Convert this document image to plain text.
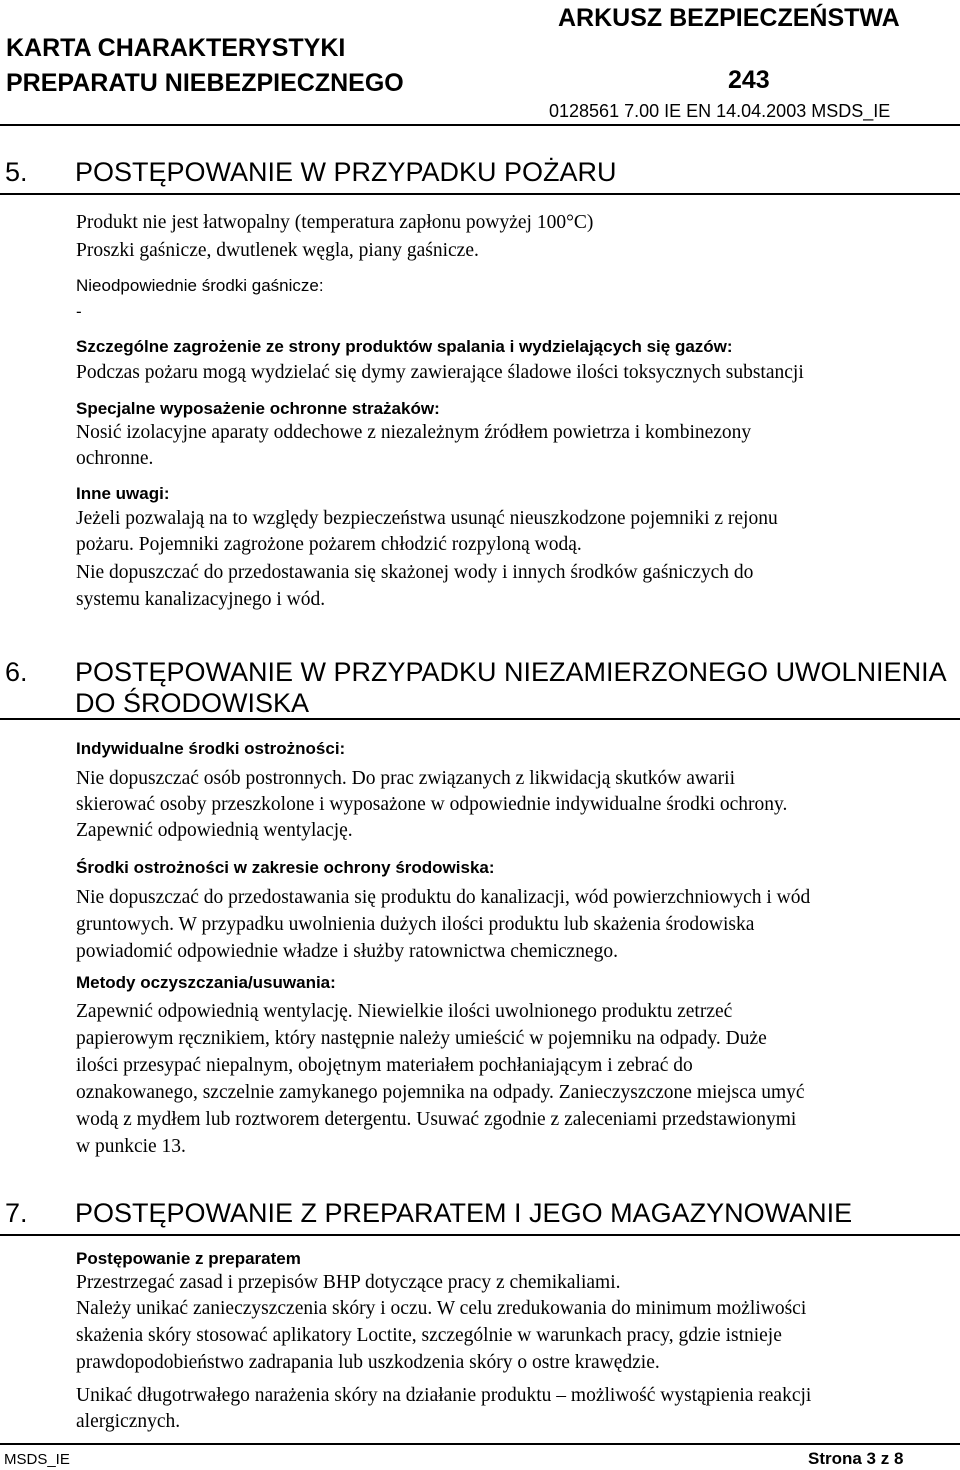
KARTA CHARAKTERYSTYKI
PREPARATU NIEBEZPIECZNEGO
ARKUSZ BEZPIECZEŃSTWA
243
0128561 7.00 IE EN 14.04.2003 MSDS_IE
5. POSTĘPOWANIE W PRZYPADKU POŻARU
Produkt nie jest łatwopalny (temperatura zapłonu powyżej 100°C)
Proszki gaśnicze, dwutlenek węgla, piany gaśnicze.
Nieodpowiednie środki gaśnicze:
-
Szczególne zagrożenie ze strony produktów spalania i wydzielających się gazów:
Podczas pożaru mogą wydzielać się dymy zawierające śladowe ilości toksycznych substancji
Specjalne wyposażenie ochronne strażaków:
Nosić izolacyjne aparaty oddechowe z niezależnym źródłem powietrza i kombinezony
ochronne.
Inne uwagi:
Jeżeli pozwalają na to względy bezpieczeństwa usunąć nieuszkodzone pojemniki z rejonu
pożaru. Pojemniki zagrożone pożarem chłodzić rozpyloną wodą.
Nie dopuszczać do przedostawania się skażonej wody i innych środków gaśniczych do
systemu kanalizacyjnego i wód.
6. POSTĘPOWANIE W PRZYPADKU NIEZAMIERZONEGO UWOLNIENIA
DO ŚRODOWISKA
Indywidualne środki ostrożności:
Nie dopuszczać osób postronnych. Do prac związanych z likwidacją skutków awarii
skierować osoby przeszkolone i wyposażone w odpowiednie indywidualne środki ochrony.
Zapewnić odpowiednią wentylację.
Środki ostrożności w zakresie ochrony środowiska:
Nie dopuszczać do przedostawania się produktu do kanalizacji, wód powierzchniowych i wód
gruntowych. W przypadku uwolnienia dużych ilości produktu lub skażenia środowiska
powiadomić odpowiednie władze i służby ratownictwa chemicznego.
Metody oczyszczania/usuwania:
Zapewnić odpowiednią wentylację. Niewielkie ilości uwolnionego produktu zetrzeć
papierowym ręcznikiem, który następnie należy umieścić w pojemniku na odpady. Duże
ilości przesypać niepalnym, obojętnym materiałem pochłaniającym i zebrać do
oznakowanego, szczelnie zamykanego pojemnika na odpady. Zanieczyszczone miejsca umyć
wodą z mydłem lub roztworem detergentu. Usuwać zgodnie z zaleceniami przedstawionymi
w punkcie 13.
7. POSTĘPOWANIE Z PREPARATEM I JEGO MAGAZYNOWANIE
Postępowanie z preparatem
Przestrzegać zasad i przepisów BHP dotyczące pracy z chemikaliami.
Należy unikać zanieczyszczenia skóry i oczu. W celu zredukowania do minimum możliwości
skażenia skóry stosować aplikatory Loctite, szczególnie w warunkach pracy, gdzie istnieje
prawdopodobieństwo zadrapania lub uszkodzenia skóry o ostre krawędzie.
Unikać długotrwałego narażenia skóry na działanie produktu – możliwość wystąpienia reakcji
alergicznych.
MSDS_IE	Strona 3 z 8
